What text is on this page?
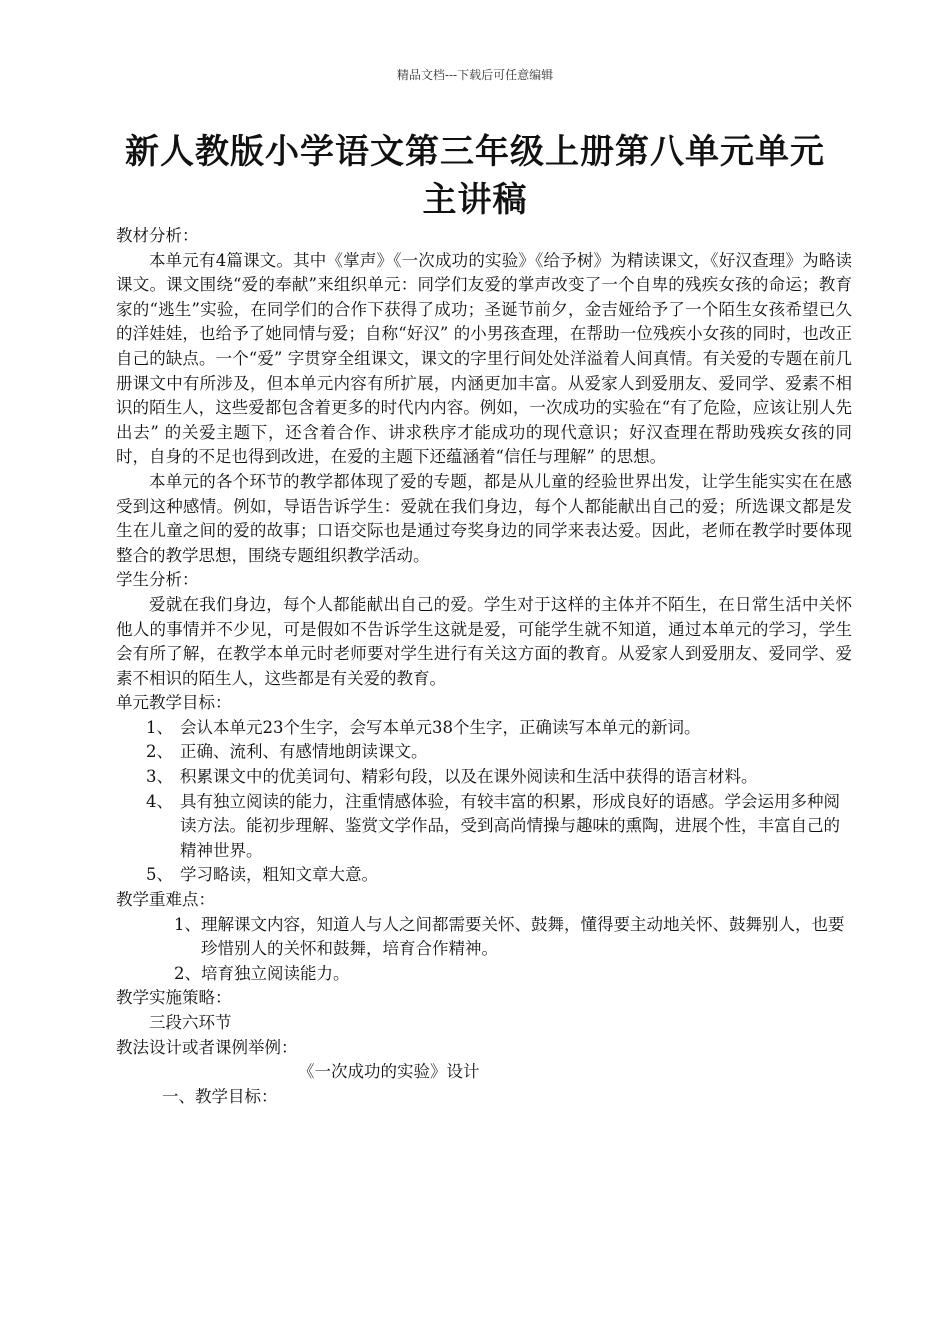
精品文档---下载后可任意编辑
新人教版小学语文第三年级上册第八单元单元
主讲稿

教材分析：

本单元有4篇课文。其中《掌声》《一次成功的实验》《给予树》为精读课文，《好汉查理》为略读课文。课文围绕“爱的奉献”来组织单元：同学们友爱的掌声改变了一个自卑的残疾女孩的命运；教育家的“逃生”实验，在同学们的合作下获得了成功；圣诞节前夕，金吉娅给予了一个陌生女孩希望已久的洋娃娃，也给予了她同情与爱；自称“好汉” 的小男孩查理，在帮助一位残疾小女孩的同时，也改正自己的缺点。一个“爱” 字贯穿全组课文，课文的字里行间处处洋溢着人间真情。有关爱的专题在前几册课文中有所涉及，但本单元内容有所扩展，内涵更加丰富。从爱家人到爱朋友、爱同学、爱素不相识的陌生人，这些爱都包含着更多的时代内内容。例如，一次成功的实验在“有了危险，应该让别人先出去” 的关爱主题下，还含着合作、讲求秩序才能成功的现代意识；好汉查理在帮助残疾女孩的同时，自身的不足也得到改进，在爱的主题下还蕴涵着“信任与理解” 的思想。

本单元的各个环节的教学都体现了爱的专题，都是从儿童的经验世界出发，让学生能实实在在感受到这种感情。例如，导语告诉学生：爱就在我们身边，每个人都能献出自己的爱；所选课文都是发生在儿童之间的爱的故事；口语交际也是通过夸奖身边的同学来表达爱。因此，老师在教学时要体现整合的教学思想，围绕专题组织教学活动。

学生分析：

爱就在我们身边，每个人都能献出自己的爱。学生对于这样的主体并不陌生，在日常生活中关怀他人的事情并不少见，可是假如不告诉学生这就是爱，可能学生就不知道，通过本单元的学习，学生会有所了解，在教学本单元时老师要对学生进行有关这方面的教育。从爱家人到爱朋友、爱同学、爱素不相识的陌生人，这些都是有关爱的教育。

单元教学目标：

1、 会认本单元23个生字，会写本单元38个生字，正确读写本单元的新词。
2、 正确、流利、有感情地朗读课文。
3、 积累课文中的优美词句、精彩句段，以及在课外阅读和生活中获得的语言材料。
4、 具有独立阅读的能力，注重情感体验，有较丰富的积累，形成良好的语感。学会运用多种阅读方法。能初步理解、鉴赏文学作品，受到高尚情操与趣味的熏陶，进展个性，丰富自己的精神世界。
5、 学习略读，粗知文章大意。

教学重难点：

1、 理解课文内容，知道人与人之间都需要关怀、鼓舞，懂得要主动地关怀、鼓舞别人，也要珍惜别人的关怀和鼓舞，培育合作精神。
2、 培育独立阅读能力。

教学实施策略：

三段六环节

教法设计或者课例举例：

《一次成功的实验》设计

一、教学目标：
